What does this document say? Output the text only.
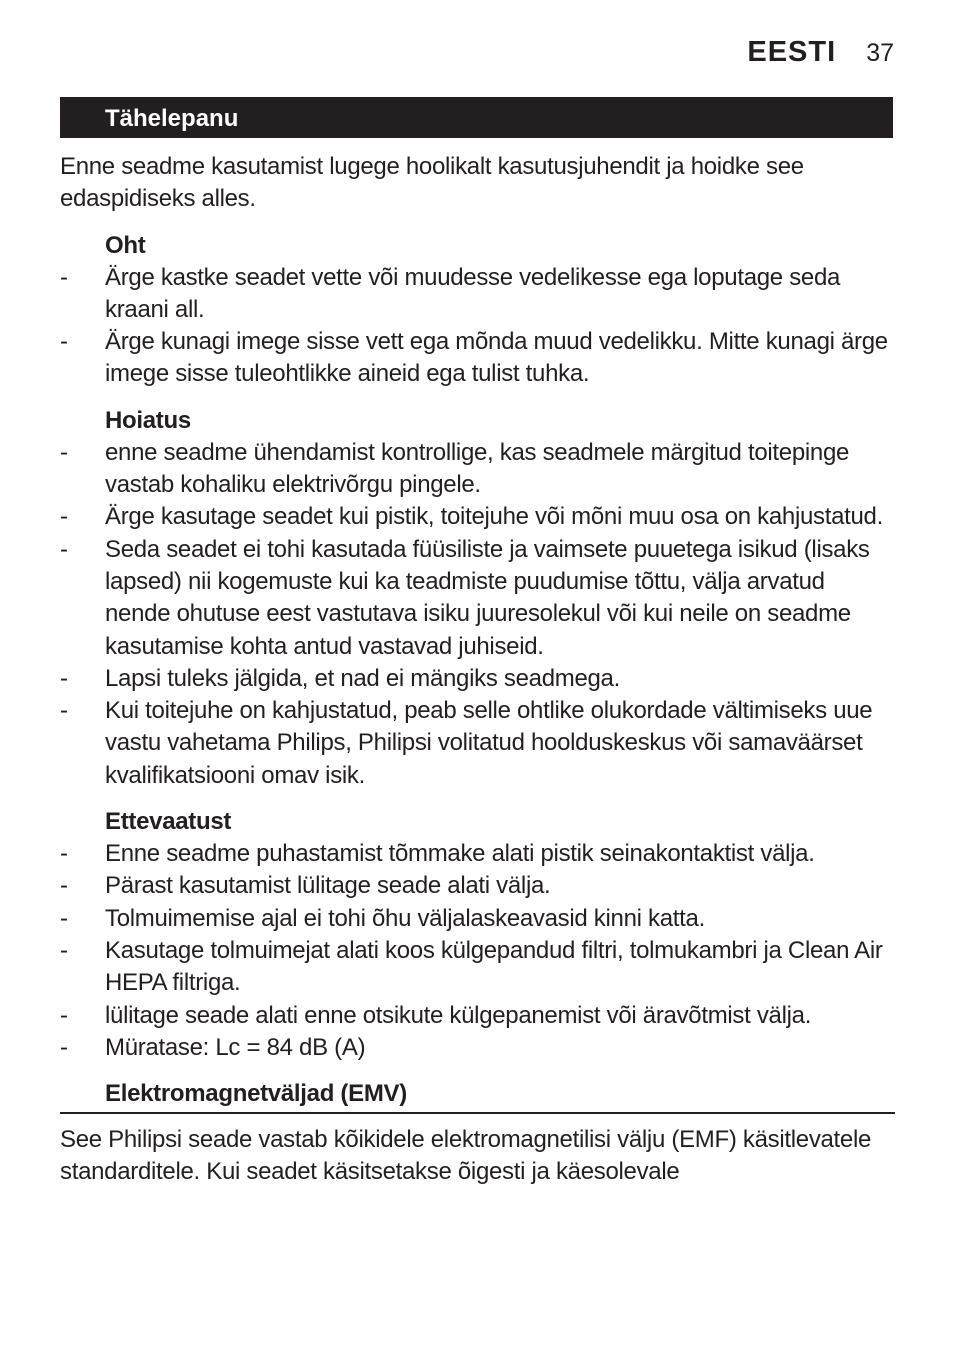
EESTI 37
Tähelepanu

Enne seadme kasutamist lugege hoolikalt kasutusjuhendit ja hoidke see edaspidiseks alles.

Oht
- Ärge kastke seadet vette või muudesse vedelikesse ega loputage seda kraani all.
- Ärge kunagi imege sisse vett ega mõnda muud vedelikku. Mitte kunagi ärge imege sisse tuleohtlikke aineid ega tulist tuhka.
Hoiatus
- enne seadme ühendamist kontrollige, kas seadmele märgitud toitepinge vastab kohaliku elektrivõrgu pingele.
- Ärge kasutage seadet kui pistik, toitejuhe või mõni muu osa on kahjustatud.
- Seda seadet ei tohi kasutada füüsiliste ja vaimsete puuetega isikud (lisaks lapsed) nii kogemuste kui ka teadmiste puudumise tõttu, välja arvatud nende ohutuse eest vastutava isiku juuresolekul või kui neile on seadme kasutamise kohta antud vastavad juhiseid.
- Lapsi tuleks jälgida, et nad ei mängiks seadmega.
- Kui toitejuhe on kahjustatud, peab selle ohtlike olukordade vältimiseks uue vastu vahetama Philips, Philipsi volitatud hoolduskeskus või samaväärset kvalifikatsiooni omav isik.
Ettevaatust
- Enne seadme puhastamist tõmmake alati pistik seinakontaktist välja.
- Pärast kasutamist lülitage seade alati välja.
- Tolmuimemise ajal ei tohi õhu väljalaskeavasid kinni katta.
- Kasutage tolmuimejat alati koos külgepandud filtri, tolmukambri ja Clean Air HEPA filtriga.
- lülitage seade alati enne otsikute külgepanemist või äravõtmist välja.
- Müratase: Lc = 84 dB (A)
Elektromagnetväljad (EMV)

See Philipsi seade vastab kõikidele elektromagnetilisi välju (EMF) käsitlevatele standarditele. Kui seadet käsitsetakse õigesti ja käesolevale
